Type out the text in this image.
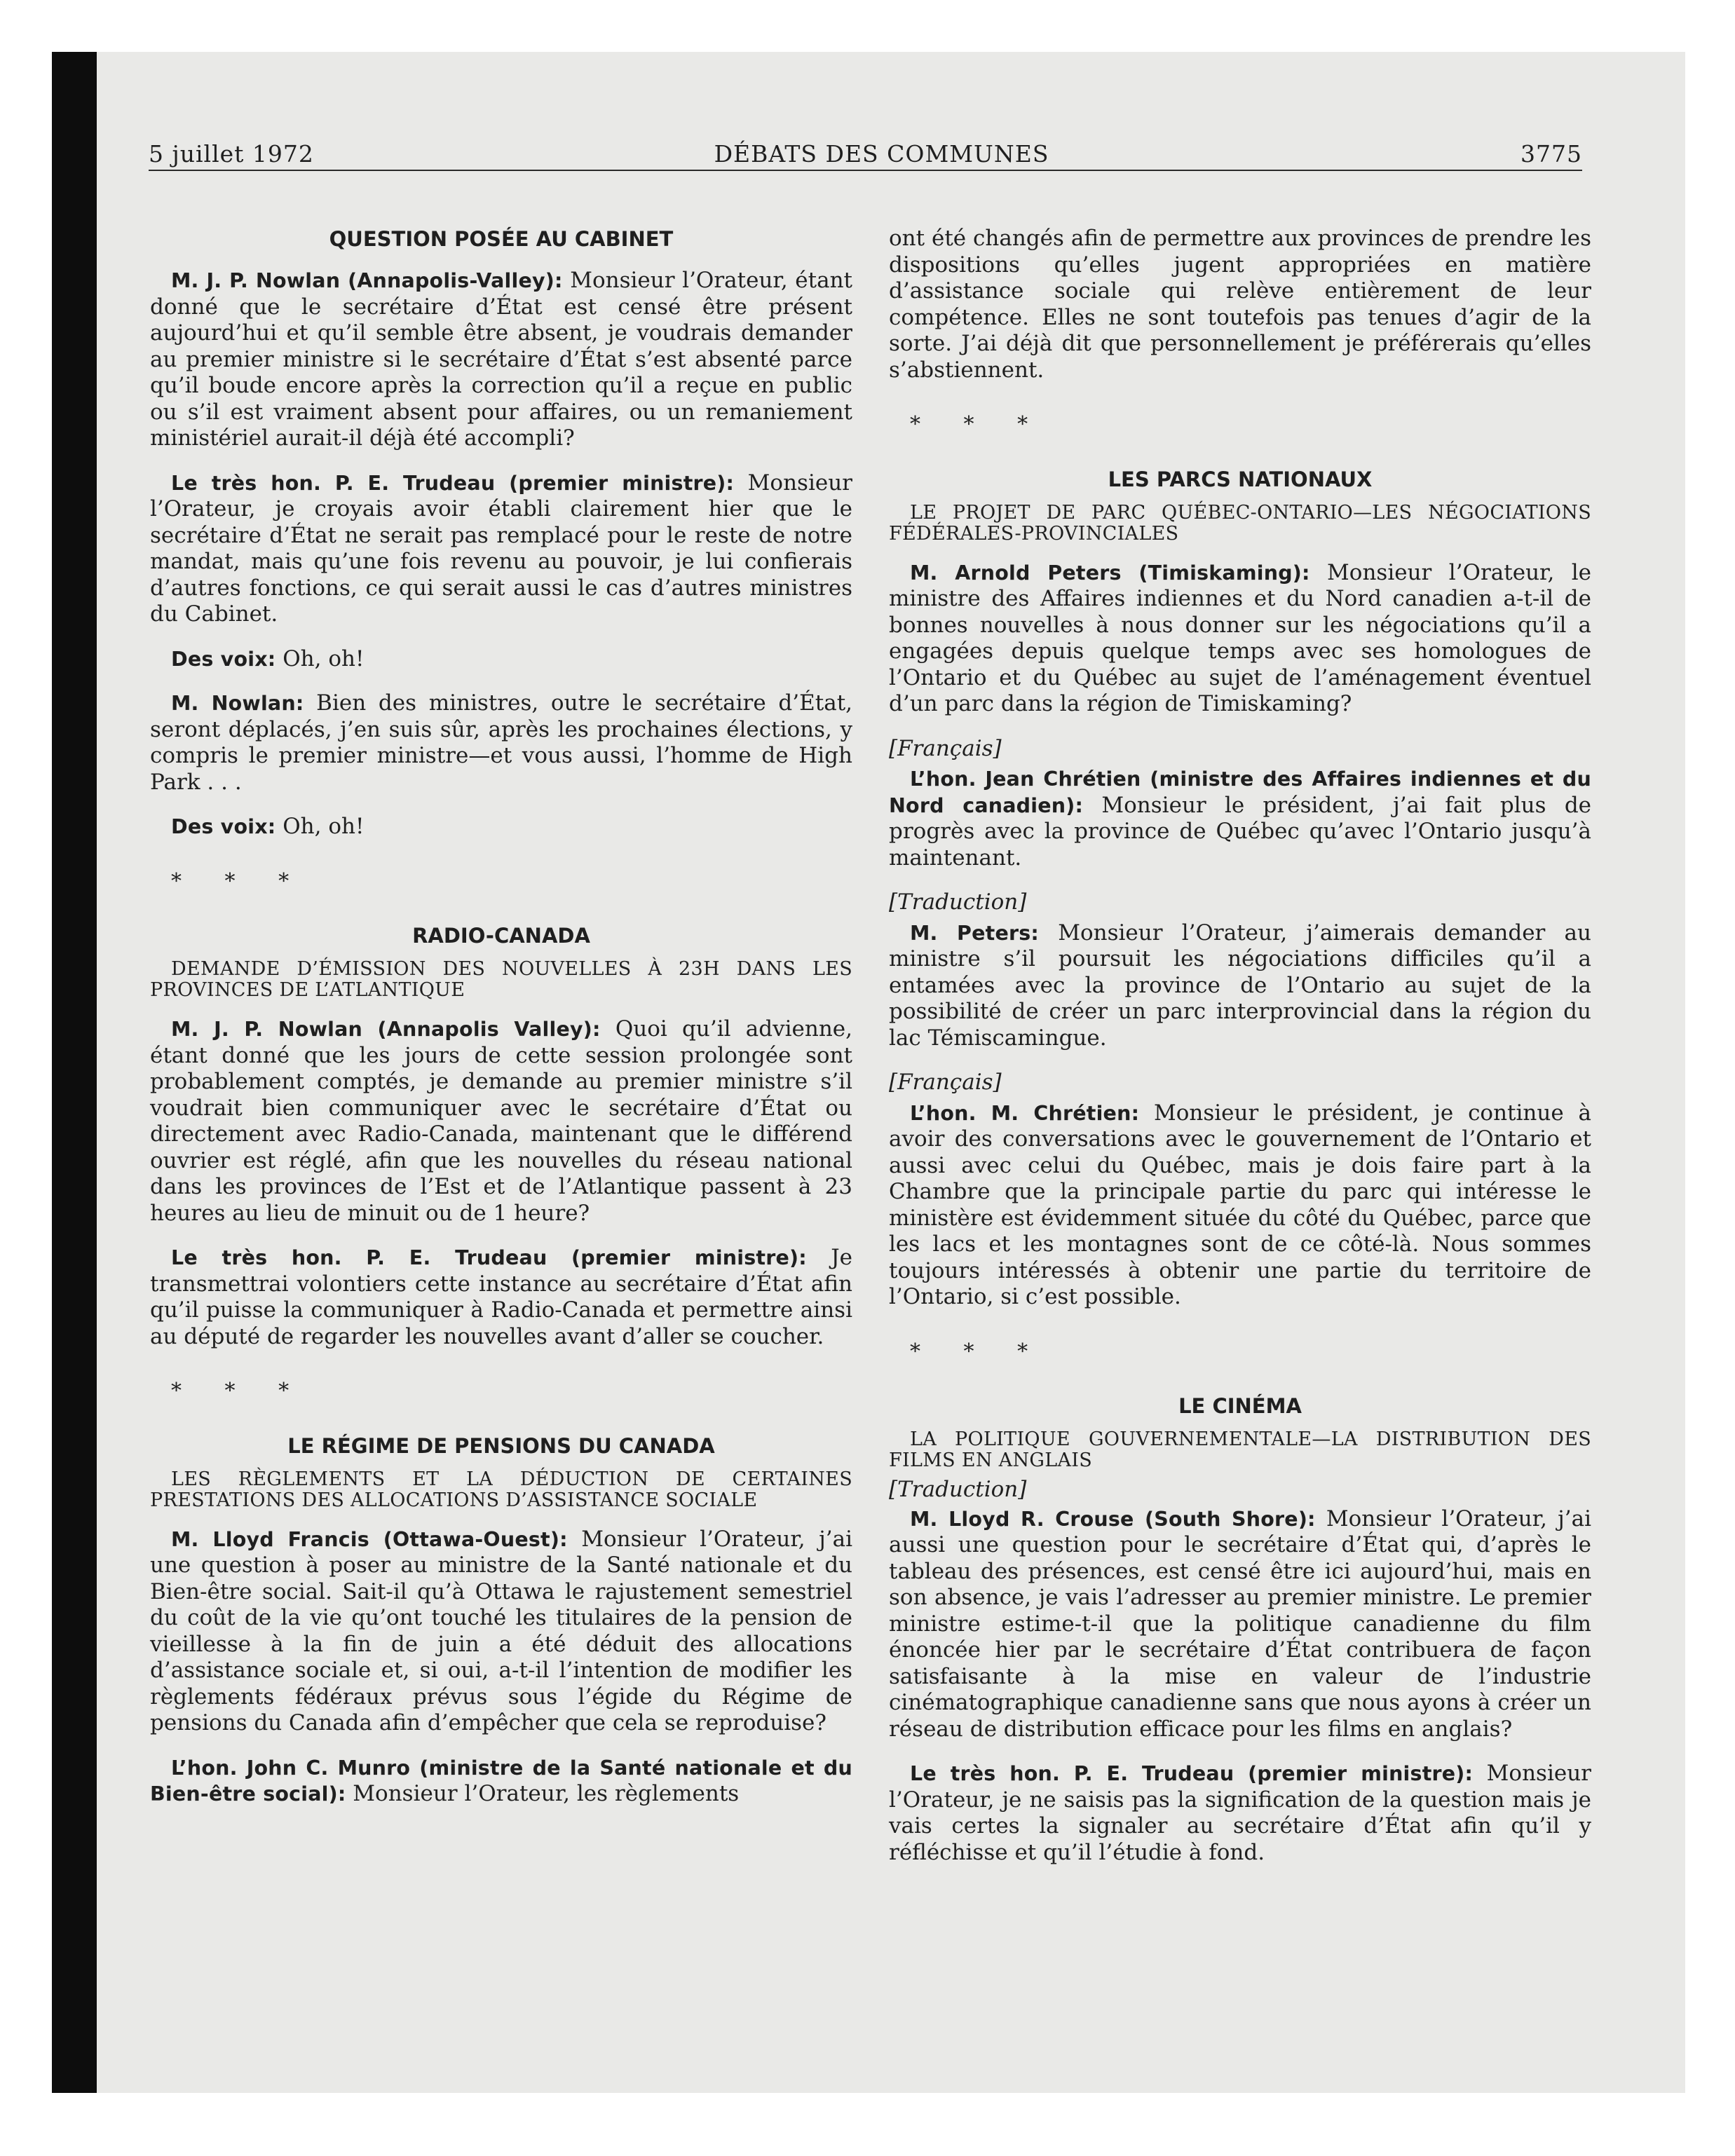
5 juillet 1972	DÉBATS DES COMMUNES	3775
QUESTION POSÉE AU CABINET

M. J. P. Nowlan (Annapolis-Valley): Monsieur l’Orateur, étant donné que le secrétaire d’État est censé être présent aujourd’hui et qu’il semble être absent, je voudrais demander au premier ministre si le secrétaire d’État s’est absenté parce qu’il boude encore après la correction qu’il a reçue en public ou s’il est vraiment absent pour affaires, ou un remaniement ministériel aurait-il déjà été accompli?

Le très hon. P. E. Trudeau (premier ministre): Monsieur l’Orateur, je croyais avoir établi clairement hier que le secrétaire d’État ne serait pas remplacé pour le reste de notre mandat, mais qu’une fois revenu au pouvoir, je lui confierais d’autres fonctions, ce qui serait aussi le cas d’autres ministres du Cabinet.

Des voix: Oh, oh!

M. Nowlan: Bien des ministres, outre le secrétaire d’État, seront déplacés, j’en suis sûr, après les prochaines élections, y compris le premier ministre—et vous aussi, l’homme de High Park . . .

Des voix: Oh, oh!

* * *

RADIO-CANADA

DEMANDE D’ÉMISSION DES NOUVELLES À 23H DANS LES PROVINCES DE L’ATLANTIQUE

M. J. P. Nowlan (Annapolis Valley): Quoi qu’il advienne, étant donné que les jours de cette session prolongée sont probablement comptés, je demande au premier ministre s’il voudrait bien communiquer avec le secrétaire d’État ou directement avec Radio-Canada, maintenant que le différend ouvrier est réglé, afin que les nouvelles du réseau national dans les provinces de l’Est et de l’Atlantique passent à 23 heures au lieu de minuit ou de 1 heure?

Le très hon. P. E. Trudeau (premier ministre): Je transmettrai volontiers cette instance au secrétaire d’État afin qu’il puisse la communiquer à Radio-Canada et permettre ainsi au député de regarder les nouvelles avant d’aller se coucher.

* * *

LE RÉGIME DE PENSIONS DU CANADA

LES RÈGLEMENTS ET LA DÉDUCTION DE CERTAINES PRESTATIONS DES ALLOCATIONS D’ASSISTANCE SOCIALE

M. Lloyd Francis (Ottawa-Ouest): Monsieur l’Orateur, j’ai une question à poser au ministre de la Santé nationale et du Bien-être social. Sait-il qu’à Ottawa le rajustement semestriel du coût de la vie qu’ont touché les titulaires de la pension de vieillesse à la fin de juin a été déduit des allocations d’assistance sociale et, si oui, a-t-il l’intention de modifier les règlements fédéraux prévus sous l’égide du Régime de pensions du Canada afin d’empêcher que cela se reproduise?

L’hon. John C. Munro (ministre de la Santé nationale et du Bien-être social): Monsieur l’Orateur, les règlements

ont été changés afin de permettre aux provinces de prendre les dispositions qu’elles jugent appropriées en matière d’assistance sociale qui relève entièrement de leur compétence. Elles ne sont toutefois pas tenues d’agir de la sorte. J’ai déjà dit que personnellement je préférerais qu’elles s’abstiennent.

* * *

LES PARCS NATIONAUX

LE PROJET DE PARC QUÉBEC-ONTARIO—LES NÉGOCIATIONS FÉDÉRALES-PROVINCIALES

M. Arnold Peters (Timiskaming): Monsieur l’Orateur, le ministre des Affaires indiennes et du Nord canadien a-t-il de bonnes nouvelles à nous donner sur les négociations qu’il a engagées depuis quelque temps avec ses homologues de l’Ontario et du Québec au sujet de l’aménagement éventuel d’un parc dans la région de Timiskaming?

[Français]

L’hon. Jean Chrétien (ministre des Affaires indiennes et du Nord canadien): Monsieur le président, j’ai fait plus de progrès avec la province de Québec qu’avec l’Ontario jusqu’à maintenant.

[Traduction]

M. Peters: Monsieur l’Orateur, j’aimerais demander au ministre s’il poursuit les négociations difficiles qu’il a entamées avec la province de l’Ontario au sujet de la possibilité de créer un parc interprovincial dans la région du lac Témiscamingue.

[Français]

L’hon. M. Chrétien: Monsieur le président, je continue à avoir des conversations avec le gouvernement de l’Ontario et aussi avec celui du Québec, mais je dois faire part à la Chambre que la principale partie du parc qui intéresse le ministère est évidemment située du côté du Québec, parce que les lacs et les montagnes sont de ce côté-là. Nous sommes toujours intéressés à obtenir une partie du territoire de l’Ontario, si c’est possible.

* * *

LE CINÉMA

LA POLITIQUE GOUVERNEMENTALE—LA DISTRIBUTION DES FILMS EN ANGLAIS

[Traduction]

M. Lloyd R. Crouse (South Shore): Monsieur l’Orateur, j’ai aussi une question pour le secrétaire d’État qui, d’après le tableau des présences, est censé être ici aujourd’hui, mais en son absence, je vais l’adresser au premier ministre. Le premier ministre estime-t-il que la politique canadienne du film énoncée hier par le secrétaire d’État contribuera de façon satisfaisante à la mise en valeur de l’industrie cinématographique canadienne sans que nous ayons à créer un réseau de distribution efficace pour les films en anglais?

Le très hon. P. E. Trudeau (premier ministre): Monsieur l’Orateur, je ne saisis pas la signification de la question mais je vais certes la signaler au secrétaire d’État afin qu’il y réfléchisse et qu’il l’étudie à fond.
